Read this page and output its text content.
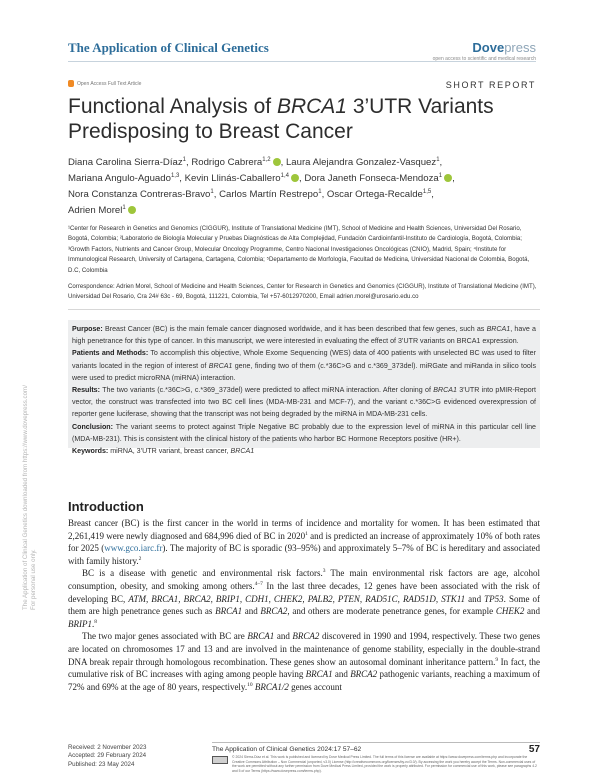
The Application of Clinical Genetics	Dovepress
open access to scientific and medical research
Open Access Full Text Article	SHORT REPORT
Functional Analysis of BRCA1 3’UTR Variants Predisposing to Breast Cancer
Diana Carolina Sierra-Díaz$^1$, Rodrigo Cabrera$^{1,2}$ , Laura Alejandra Gonzalez-Vasquez$^1$,
Mariana Angulo-Aguado$^{1,3}$, Kevin Llinás-Caballero$^{1,4}$ , Dora Janeth Fonseca-Mendoza$^1$ ,
Nora Constanza Contreras-Bravo$^1$, Carlos Martín Restrepo$^1$, Oscar Ortega-Recalde$^{1,5}$,
Adrien Morel$^1$
¹Center for Research in Genetics and Genomics (CIGGUR), Institute of Translational Medicine (IMT), School of Medicine and Health Sciences, Universidad Del Rosario, Bogotá, Colombia; ²Laboratorio de Biología Molecular y Pruebas Diagnósticas de Alta Complejidad, Fundación Cardioinfantil-Instituto de Cardiología, Bogotá, Colombia; ³Growth Factors, Nutrients and Cancer Group, Molecular Oncology Programme, Centro Nacional Investigaciones Oncológicas (CNIO), Madrid, Spain; ⁴Institute for Immunological Research, University of Cartagena, Cartagena, Colombia; ⁵Departamento de Morfología, Facultad de Medicina, Universidad Nacional de Colombia, Bogotá, D.C, Colombia
Correspondence: Adrien Morel, School of Medicine and Health Sciences, Center for Research in Genetics and Genomics (CIGGUR), Institute of Translational Medicine (IMT), Universidad Del Rosario, Cra 24# 63c - 69, Bogotá, 111221, Colombia, Tel +57-6012970200, Email adrien.morel@urosario.edu.co
Purpose: Breast Cancer (BC) is the main female cancer diagnosed worldwide, and it has been described that few genes, such as BRCA1, have a high penetrance for this type of cancer. In this manuscript, we were interested in evaluating the effect of 3’UTR variants on BRCA1 expression.
Patients and Methods: To accomplish this objective, Whole Exome Sequencing (WES) data of 400 patients with unselected BC was used to filter variants located in the region of interest of BRCA1 gene, finding two of them (c.*36C>G and c.*369_373del). miRGate and miRanda in silico tools were used to predict microRNA (miRNA) interaction.
Results: The two variants (c.*36C>G, c.*369_373del) were predicted to affect miRNA interaction. After cloning of BRCA1 3’UTR into pMIR-Report vector, the construct was transfected into two BC cell lines (MDA-MB-231 and MCF-7), and the variant c.*36C>G evidenced overexpression of reporter gene luciferase, showing that the transcript was not being degraded by the miRNA in MDA-MB-231 cells.
Conclusion: The variant seems to protect against Triple Negative BC probably due to the expression level of miRNA in this particular cell line (MDA-MB-231). This is consistent with the clinical history of the patients who harbor BC Hormone Receptors positive (HR+).
Keywords: miRNA, 3’UTR variant, breast cancer, BRCA1
Introduction

Breast cancer (BC) is the first cancer in the world in terms of incidence and mortality for women. It has been estimated that 2,261,419 were newly diagnosed and 684,996 died of BC in 2020$^1$ and is predicted an increase of approximately 10% of both rates for 2025 (www.gco.iarc.fr). The majority of BC is sporadic (93–95%) and approximately 5–7% of BC is hereditary and associated with family history.$^2$

BC is a disease with genetic and environmental risk factors.$^3$ The main environmental risk factors are age, alcohol consumption, obesity, and smoking among others.$^{4-7}$ In the last three decades, 12 genes have been associated with the risk of developing BC, ATM, BRCA1, BRCA2, BRIP1, CDH1, CHEK2, PALB2, PTEN, RAD51C, RAD51D, STK11 and TP53. Some of them are high penetrance genes such as BRCA1 and BRCA2, and others are moderate penetrance genes, for example CHEK2 and BRIP1.$^8$

The two major genes associated with BC are BRCA1 and BRCA2 discovered in 1990 and 1994, respectively. These two genes are located on chromosomes 17 and 13 and are involved in the maintenance of genome stability, especially in the double-strand DNA break repair through homologous recombination. These genes show an autosomal dominant inheritance pattern.$^9$ In fact, the cumulative risk of BC increases with aging among people having BRCA1 and BRCA2 pathogenic variants, reaching a maximum of 72% and 69% at the age of 80 years, respectively.$^{10}$ BRCA1/2 genes account

The Application of Clinical Genetics downloaded from https://www.dovepress.com/ For personal use only.
Received: 2 November 2023
Accepted: 29 February 2024
Published: 23 May 2024
The Application of Clinical Genetics 2024:17 57–62	57
© 2024 Sierra-Díaz et al. This work is published and licensed by Dove Medical Press Limited. The full terms of this license are available at https://www.dovepress.com/terms.php and incorporate the Creative Commons Attribution – Non Commercial (unported, v3.0) License (http://creativecommons.org/licenses/by-nc/3.0/). By accessing the work you hereby accept the Terms. Non-commercial uses of the work are permitted without any further permission from Dove Medical Press Limited, provided the work is properly attributed. For permission for commercial use of this work, please see paragraphs 4.2 and 5 of our Terms (https://www.dovepress.com/terms.php).
